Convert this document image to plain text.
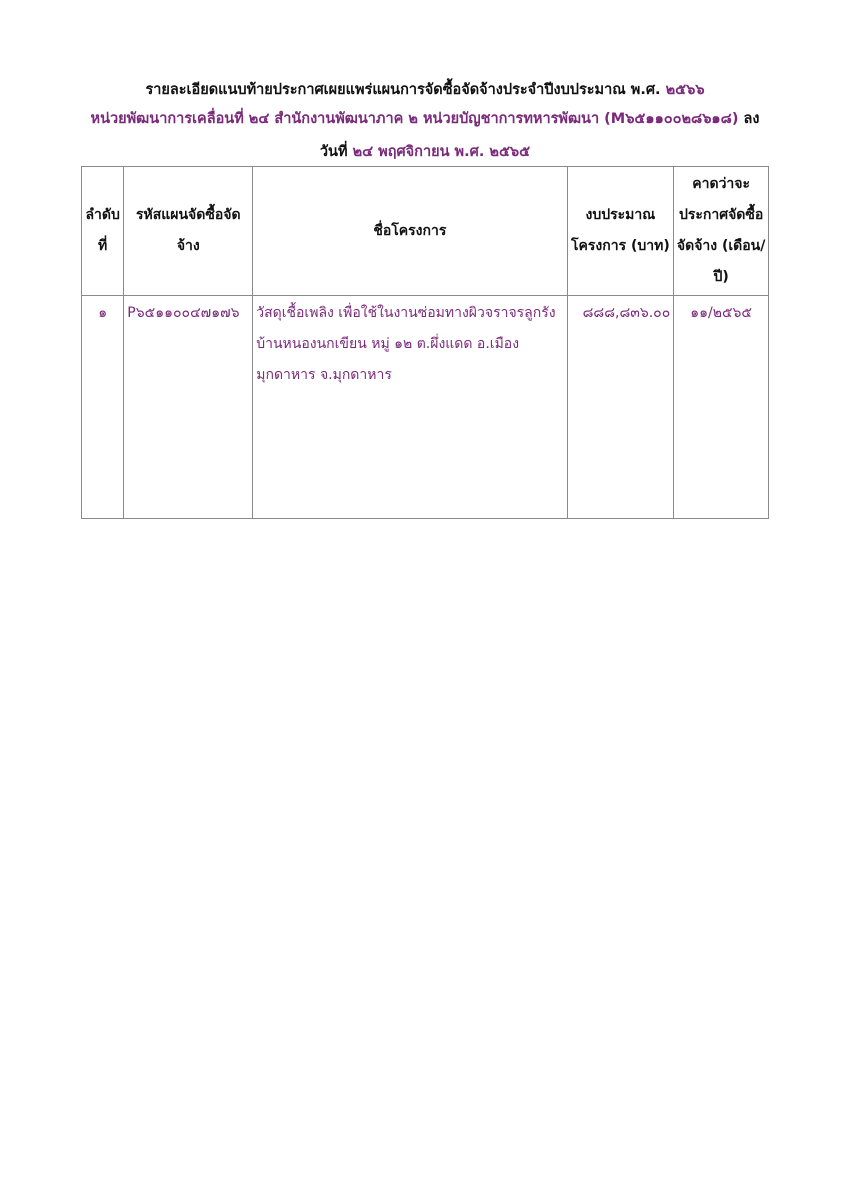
รายละเอียดแนบท้ายประกาศเผยแพร่แผนการจัดซื้อจัดจ้างประจำปีงบประมาณ พ.ศ. ๒๕๖๖
หน่วยพัฒนาการเคลื่อนที่ ๒๔ สำนักงานพัฒนาภาค ๒ หน่วยบัญชาการทหารพัฒนา (M๖๕๑๑๐๐๒๘๖๑๘) ลง
วันที่ ๒๔ พฤศจิกายน พ.ศ. ๒๕๖๕
ลำดับที่	รหัสแผนจัดซื้อจัดจ้าง	ชื่อโครงการ	งบประมาณโครงการ (บาท)	คาดว่าจะประกาศจัดซื้อจัดจ้าง (เดือน/ปี)
๑	P๖๕๑๑๐๐๔๗๑๗๖	วัสดุเชื้อเพลิง เพื่อใช้ในงานซ่อมทางผิวจราจรลูกรังบ้านหนองนกเขียน หมู่ ๑๒ ต.ผึ่งแดด อ.เมืองมุกดาหาร จ.มุกดาหาร	๘๘๘,๘๓๖.๐๐	๑๑/๒๕๖๕
